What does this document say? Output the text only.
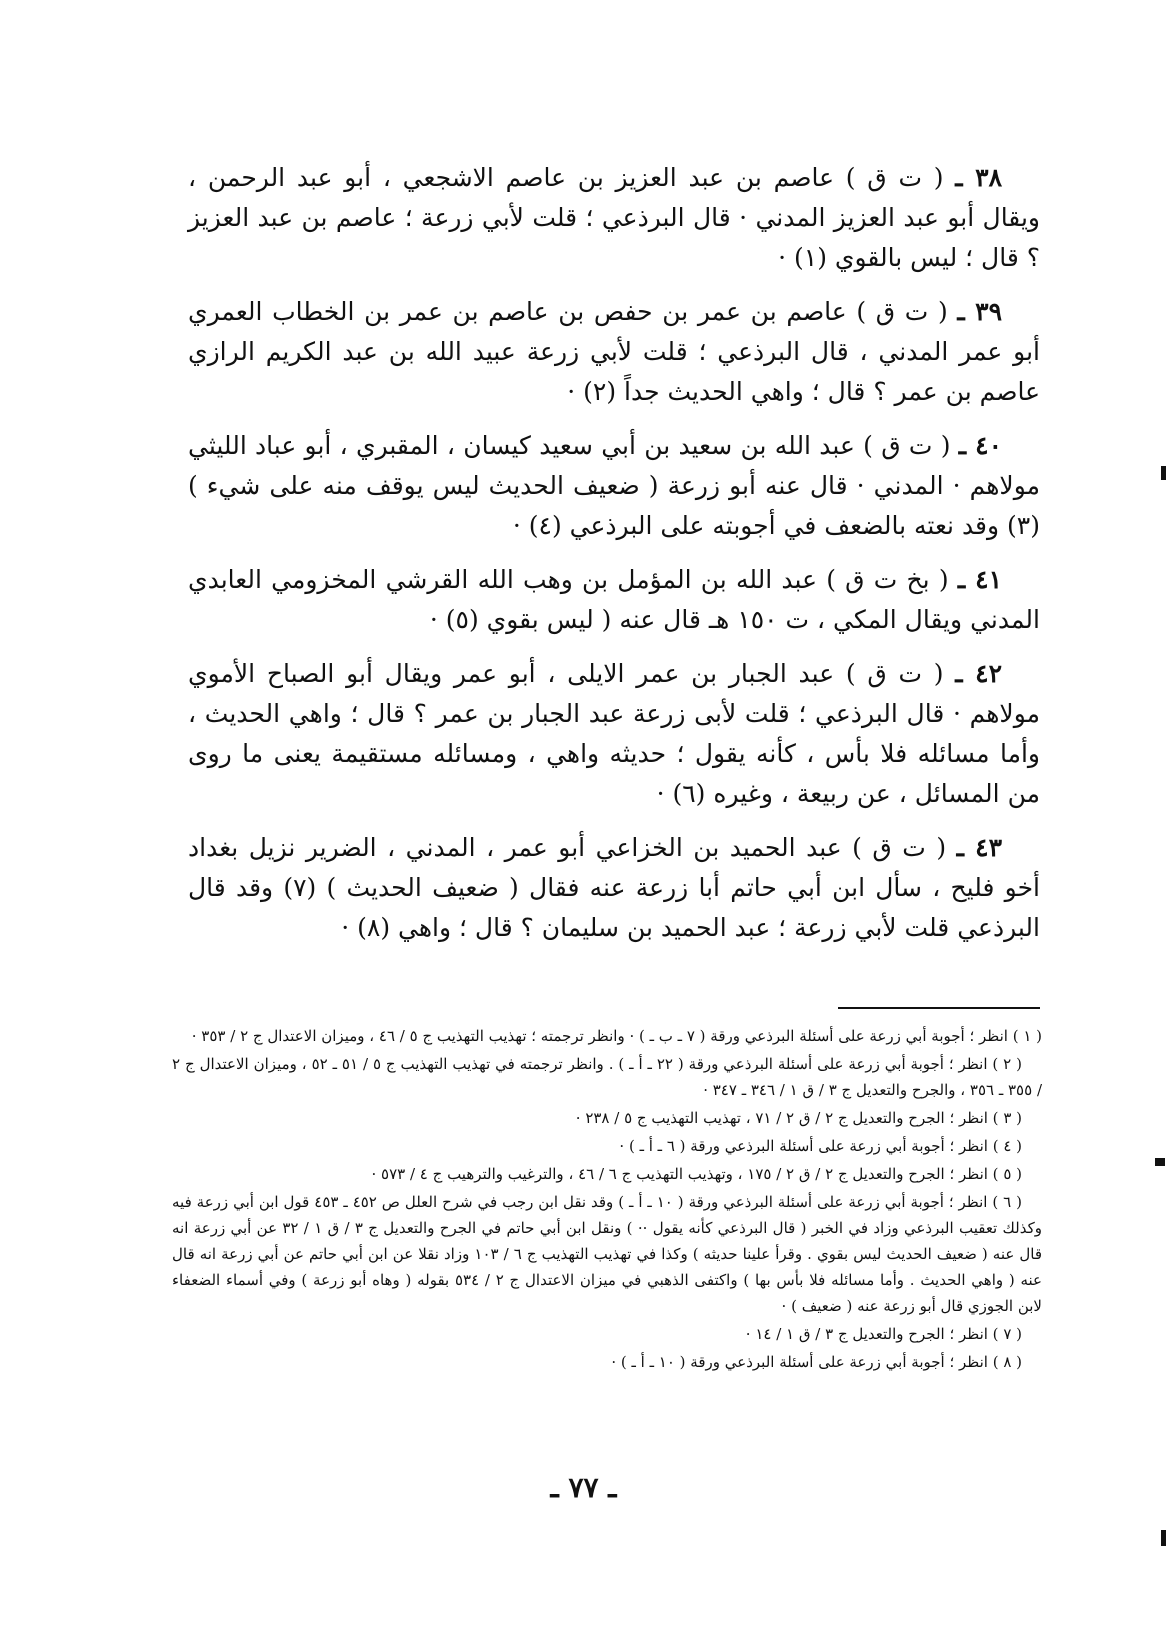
٣٨ ـ ( ت ق ) عاصم بن عبد العزيز بن عاصم الاشجعي ، أبو عبد الرحمن ، ويقال أبو عبد العزيز المدني · قال البرذعي ؛ قلت لأبي زرعة ؛ عاصم بن عبد العزيز ؟ قال ؛ ليس بالقوي (١) ·

٣٩ ـ ( ت ق ) عاصم بن عمر بن حفص بن عاصم بن عمر بن الخطاب العمري أبو عمر المدني ، قال البرذعي ؛ قلت لأبي زرعة عبيد الله بن عبد الكريم الرازي عاصم بن عمر ؟ قال ؛ واهي الحديث جداً (٢) ·

٤٠ ـ ( ت ق ) عبد الله بن سعيد بن أبي سعيد كيسان ، المقبري ، أبو عباد الليثي مولاهم · المدني · قال عنه أبو زرعة ( ضعيف الحديث ليس يوقف منه على شيء ) (٣) وقد نعته بالضعف في أجوبته على البرذعي (٤) ·

٤١ ـ ( بخ ت ق ) عبد الله بن المؤمل بن وهب الله القرشي المخزومي العابدي المدني ويقال المكي ، ت ١٥٠ هـ قال عنه ( ليس بقوي (٥) ·

٤٢ ـ ( ت ق ) عبد الجبار بن عمر الايلى ، أبو عمر ويقال أبو الصباح الأموي مولاهم · قال البرذعي ؛ قلت لأبى زرعة عبد الجبار بن عمر ؟ قال ؛ واهي الحديث ، وأما مسائله فلا بأس ، كأنه يقول ؛ حديثه واهي ، ومسائله مستقيمة يعنى ما روى من المسائل ، عن ربيعة ، وغيره (٦) ·

٤٣ ـ ( ت ق ) عبد الحميد بن الخزاعي أبو عمر ، المدني ، الضرير نزيل بغداد أخو فليح ، سأل ابن أبي حاتم أبا زرعة عنه فقال ( ضعيف الحديث ) (٧) وقد قال البرذعي قلت لأبي زرعة ؛ عبد الحميد بن سليمان ؟ قال ؛ واهي (٨) ·

( ١ ) انظر ؛ أجوبة أبي زرعة على أسئلة البرذعي ورقة ( ٧ ـ ب ـ ) · وانظر ترجمته ؛ تهذيب التهذيب ج ٥ / ٤٦ ، وميزان الاعتدال ج ٢ / ٣٥٣ ·

( ٢ ) انظر ؛ أجوبة أبي زرعة على أسئلة البرذعي ورقة ( ٢٢ ـ أ ـ ) . وانظر ترجمته في تهذيب التهذيب ج ٥ / ٥١ ـ ٥٢ ، وميزان الاعتدال ج ٢ / ٣٥٥ ـ ٣٥٦ ، والجرح والتعديل ج ٣ / ق ١ / ٣٤٦ ـ ٣٤٧ ·

( ٣ ) انظر ؛ الجرح والتعديل ج ٢ / ق ٢ / ٧١ ، تهذيب التهذيب ج ٥ / ٢٣٨ ·

( ٤ ) انظر ؛ أجوبة أبي زرعة على أسئلة البرذعي ورقة ( ٦ ـ أ ـ ) ·

( ٥ ) انظر ؛ الجرح والتعديل ج ٢ / ق ٢ / ١٧٥ ، وتهذيب التهذيب ج ٦ / ٤٦ ، والترغيب والترهيب ج ٤ / ٥٧٣ ·

( ٦ ) انظر ؛ أجوبة أبي زرعة على أسئلة البرذعي ورقة ( ١٠ ـ أ ـ ) وقد نقل ابن رجب في شرح العلل ص ٤٥٢ ـ ٤٥٣ قول ابن أبي زرعة فيه وكذلك تعقيب البرذعي وزاد في الخبر ( قال البرذعي كأنه يقول ·· ) ونقل ابن أبي حاتم في الجرح والتعديل ج ٣ / ق ١ / ٣٢ عن أبي زرعة انه قال عنه ( ضعيف الحديث ليس بقوي . وقرأ علينا حديثه ) وكذا في تهذيب التهذيب ج ٦ / ١٠٣ وزاد نقلا عن ابن أبي حاتم عن أبي زرعة انه قال عنه ( واهي الحديث . وأما مسائله فلا بأس بها ) واكتفى الذهبي في ميزان الاعتدال ج ٢ / ٥٣٤ بقوله ( وهاه أبو زرعة ) وفي أسماء الضعفاء لابن الجوزي قال أبو زرعة عنه ( ضعيف ) ·

( ٧ ) انظر ؛ الجرح والتعديل ج ٣ / ق ١ / ١٤ ·

( ٨ ) انظر ؛ أجوبة أبي زرعة على أسئلة البرذعي ورقة ( ١٠ ـ أ ـ ) ·

ـ ٧٧ ـ
